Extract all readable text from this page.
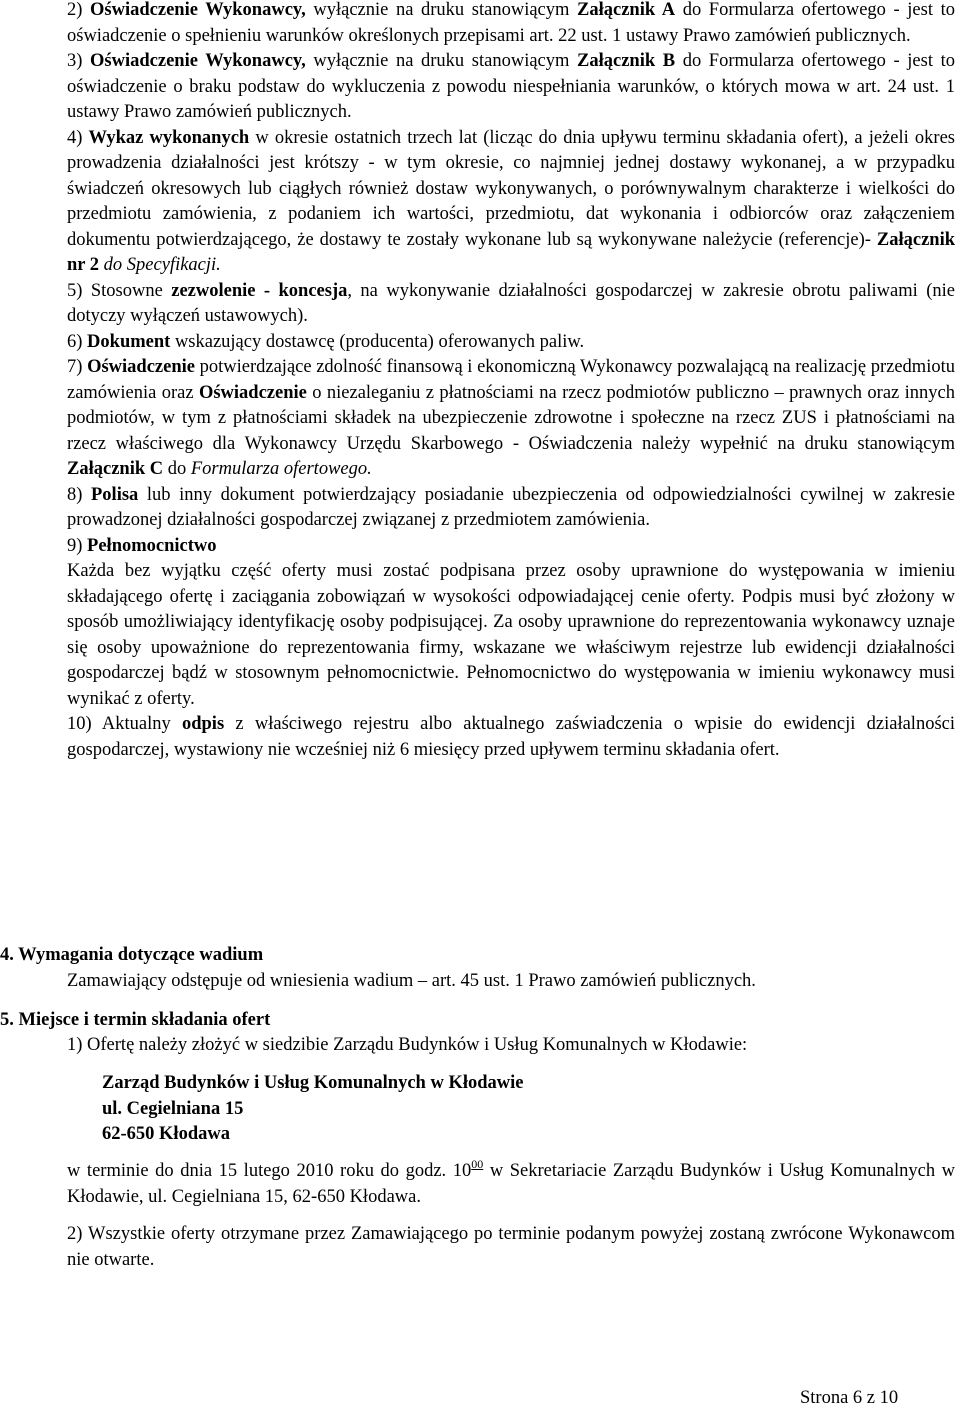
2) Oświadczenie Wykonawcy, wyłącznie na druku stanowiącym Załącznik A do Formularza ofertowego - jest to oświadczenie o spełnieniu warunków określonych przepisami art. 22 ust. 1 ustawy Prawo zamówień publicznych.

3) Oświadczenie Wykonawcy, wyłącznie na druku stanowiącym Załącznik B do Formularza ofertowego - jest to oświadczenie o braku podstaw do wykluczenia z powodu niespełniania warunków, o których mowa w art. 24 ust. 1 ustawy Prawo zamówień publicznych.

4) Wykaz wykonanych w okresie ostatnich trzech lat (licząc do dnia upływu terminu składania ofert), a jeżeli okres prowadzenia działalności jest krótszy - w tym okresie, co najmniej jednej dostawy wykonanej, a w przypadku świadczeń okresowych lub ciągłych również dostaw wykonywanych, o porównywalnym charakterze i wielkości do przedmiotu zamówienia, z podaniem ich wartości, przedmiotu, dat wykonania i odbiorców oraz załączeniem dokumentu potwierdzającego, że dostawy te zostały wykonane lub są wykonywane należycie (referencje)- Załącznik nr 2 do Specyfikacji.

5) Stosowne zezwolenie - koncesja, na wykonywanie działalności gospodarczej w zakresie obrotu paliwami (nie dotyczy wyłączeń ustawowych).

6) Dokument wskazujący dostawcę (producenta) oferowanych paliw.

7) Oświadczenie potwierdzające zdolność finansową i ekonomiczną Wykonawcy pozwalającą na realizację przedmiotu zamówienia oraz Oświadczenie o niezaleganiu z płatnościami na rzecz podmiotów publiczno – prawnych oraz innych podmiotów, w tym z płatnościami składek na ubezpieczenie zdrowotne i społeczne na rzecz ZUS i płatnościami na rzecz właściwego dla Wykonawcy Urzędu Skarbowego - Oświadczenia należy wypełnić na druku stanowiącym Załącznik C do Formularza ofertowego.

8) Polisa lub inny dokument potwierdzający posiadanie ubezpieczenia od odpowiedzialności cywilnej w zakresie prowadzonej działalności gospodarczej związanej z przedmiotem zamówienia.

9) Pełnomocnictwo

Każda bez wyjątku część oferty musi zostać podpisana przez osoby uprawnione do występowania w imieniu składającego ofertę i zaciągania zobowiązań w wysokości odpowiadającej cenie oferty. Podpis musi być złożony w sposób umożliwiający identyfikację osoby podpisującej. Za osoby uprawnione do reprezentowania wykonawcy uznaje się osoby upoważnione do reprezentowania firmy, wskazane we właściwym rejestrze lub ewidencji działalności gospodarczej bądź w stosownym pełnomocnictwie. Pełnomocnictwo do występowania w imieniu wykonawcy musi wynikać z oferty.

10) Aktualny odpis z właściwego rejestru albo aktualnego zaświadczenia o wpisie do ewidencji działalności gospodarczej, wystawiony nie wcześniej niż 6 miesięcy przed upływem terminu składania ofert.

4. Wymagania dotyczące wadium
Zamawiający odstępuje od wniesienia wadium – art. 45 ust. 1 Prawo zamówień publicznych.
5. Miejsce i termin składania ofert
1) Ofertę należy złożyć w siedzibie Zarządu Budynków i Usług Komunalnych w Kłodawie:
Zarząd Budynków i Usług Komunalnych w Kłodawie
ul. Cegielniana 15
62-650 Kłodawa
w terminie do dnia 15 lutego 2010 roku do godz. $10^{00}$ w Sekretariacie Zarządu Budynków i Usług Komunalnych w Kłodawie, ul. Cegielniana 15, 62-650 Kłodawa.
2) Wszystkie oferty otrzymane przez Zamawiającego po terminie podanym powyżej zostaną zwrócone Wykonawcom nie otwarte.
Strona 6 z 10
